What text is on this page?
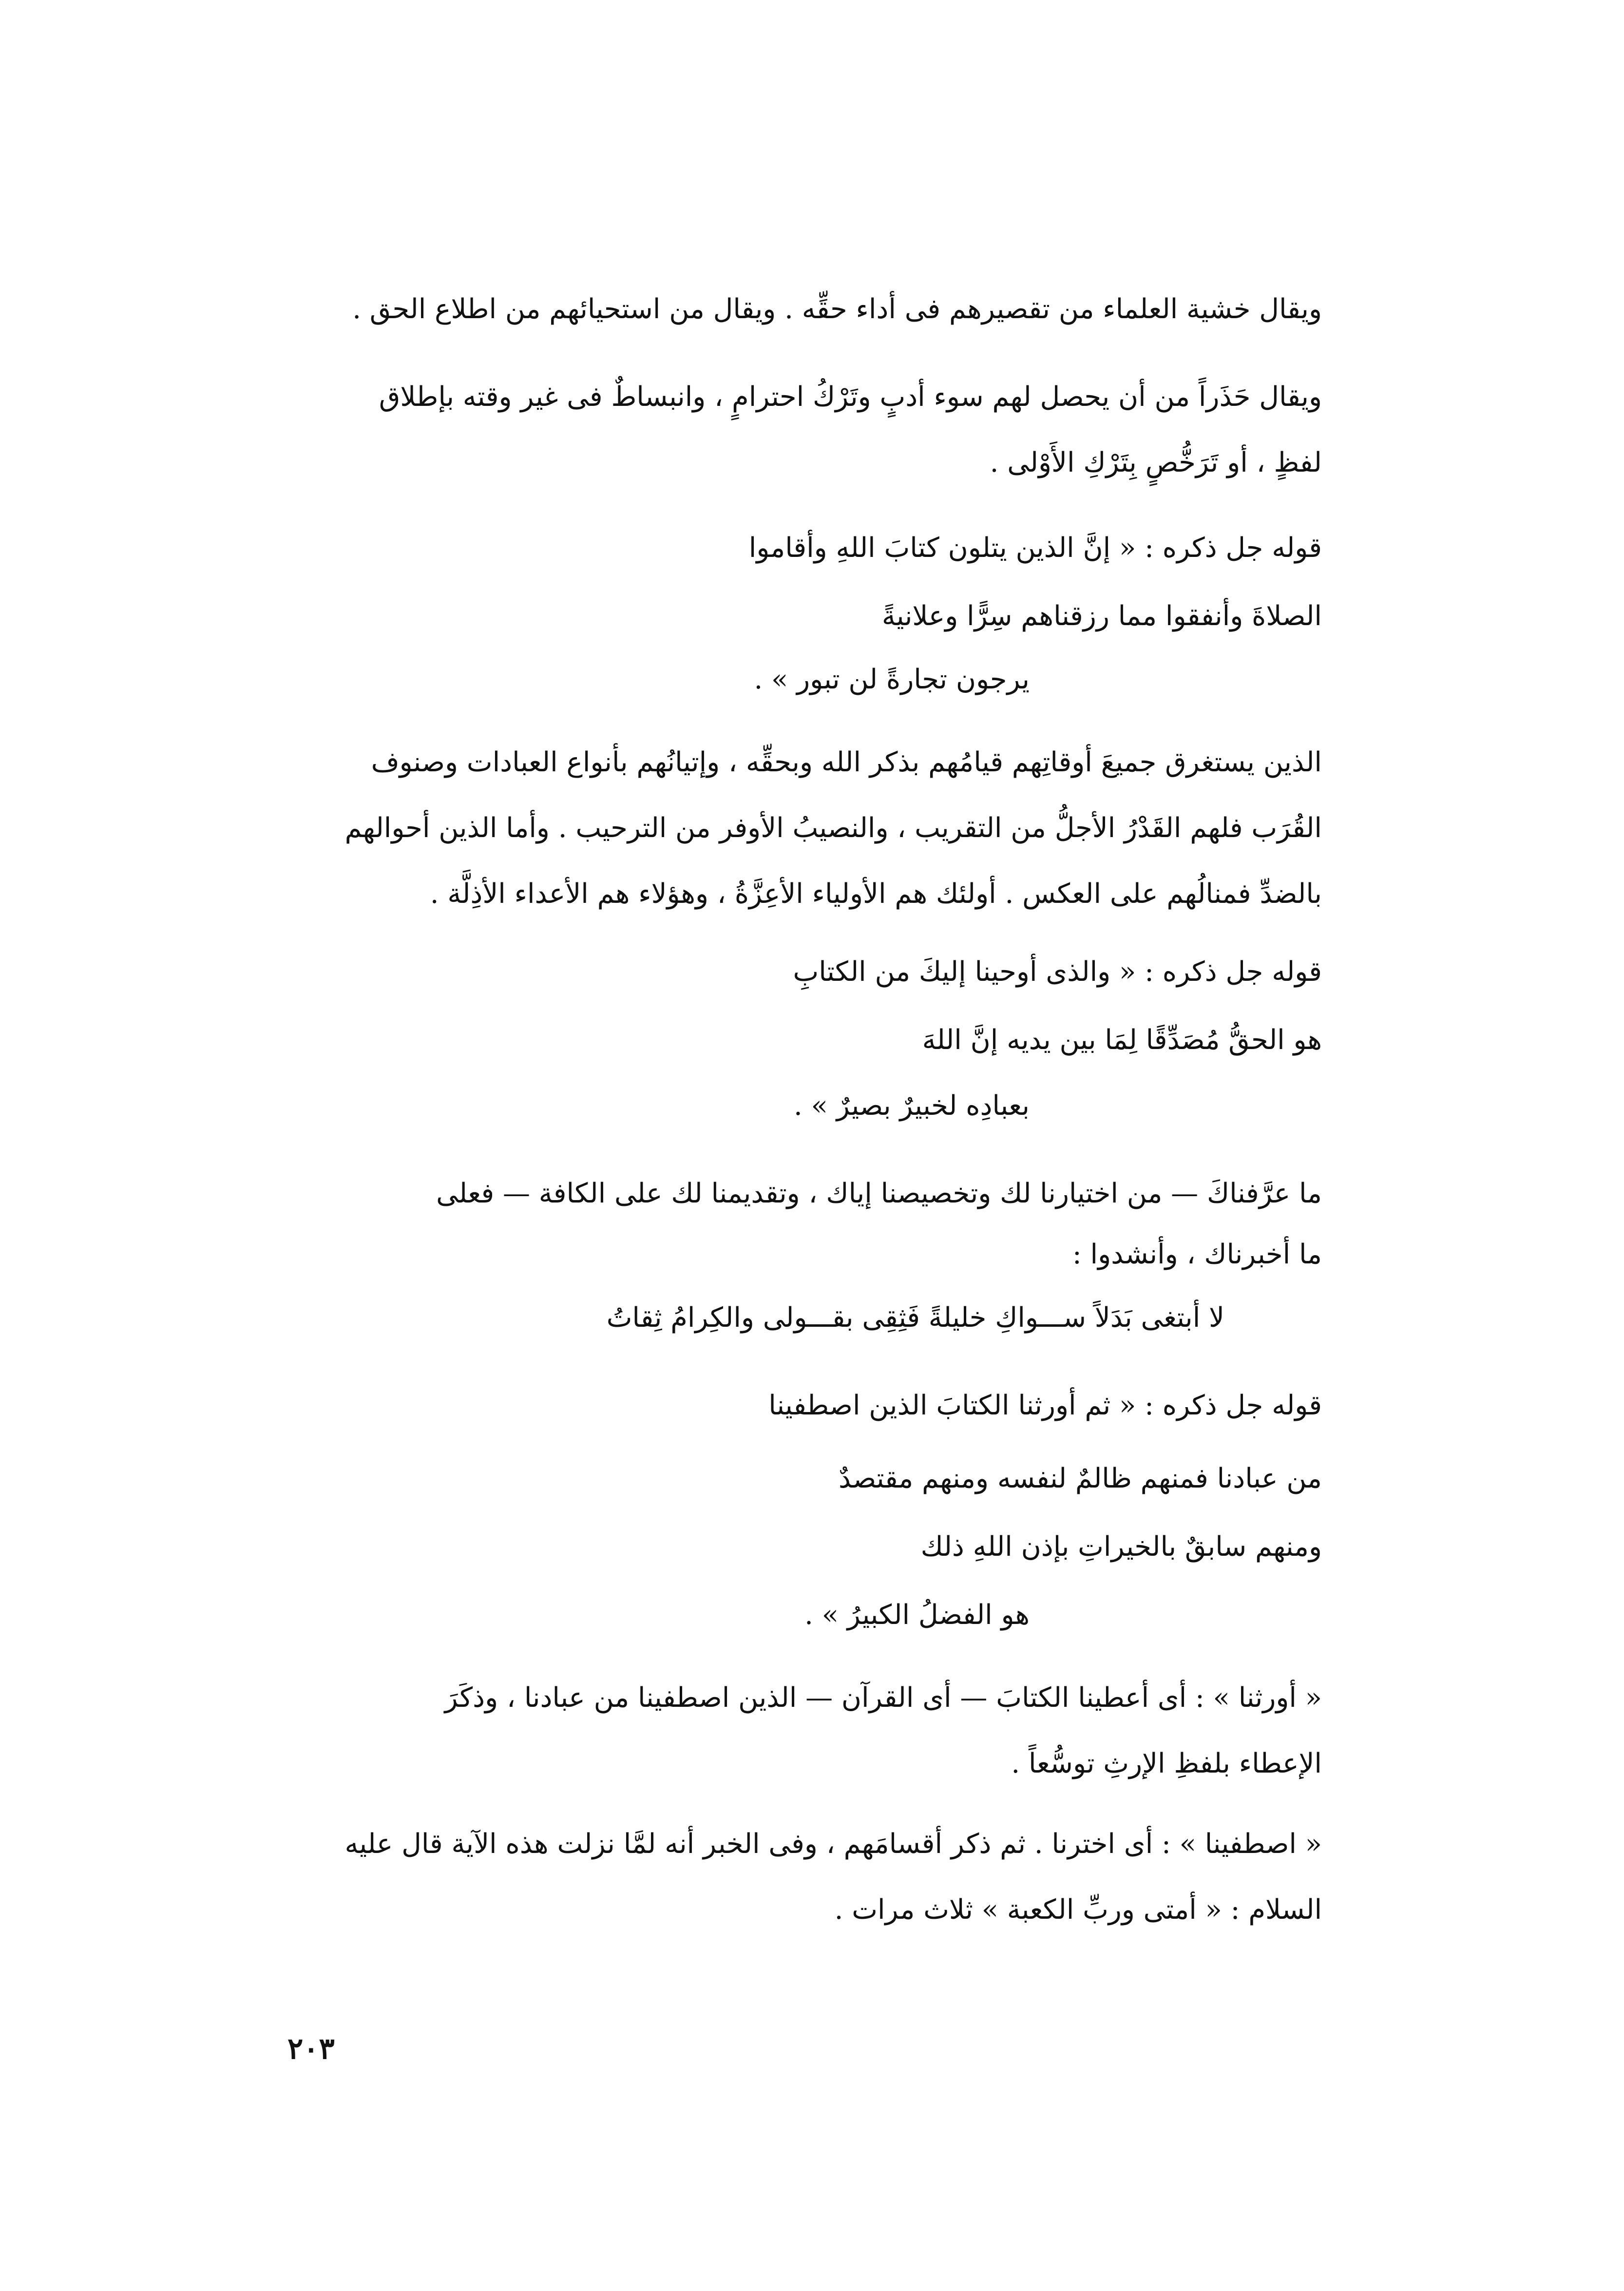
ويقال خشية العلماء من تقصيرهم فى أداء حقِّه . ويقال من استحيائهم من اطلاع الحق .
ويقال حَذَراً من أن يحصل لهم سوء أدبٍ وتَرْكُ احترامٍ ، وانبساطٌ فى غير وقته بإطلاق
لفظٍ ، أو تَرَخُّصٍ بِتَرْكِ الأَوْلى .
قوله جل ذكره : « إنَّ الذين يتلون كتابَ اللهِ وأقاموا
الصلاةَ وأنفقوا مما رزقناهم سِرًّا وعلانيةً
يرجون تجارةً لن تبور » .
الذين يستغرق جميعَ أوقاتِهم قيامُهم بذكر الله وبحقِّه ، وإتيانُهم بأنواع العبادات وصنوف
القُرَب فلهم القَدْرُ الأجلُّ من التقريب ، والنصيبُ الأوفر من الترحيب . وأما الذين أحوالهم
بالضدِّ فمنالُهم على العكس . أولئك هم الأولياء الأعِزَّةُ ، وهؤلاء هم الأعداء الأذِلَّة .
قوله جل ذكره : « والذى أوحينا إليكَ من الكتابِ
هو الحقُّ مُصَدِّقًا لِمَا بين يديه إنَّ اللهَ
بعبادِه لخبيرٌ بصيرٌ » .
ما عرَّفناكَ — من اختيارنا لك وتخصيصنا إياك ، وتقديمنا لك على الكافة — فعلى
ما أخبرناك ، وأنشدوا :
لا أبتغى بَدَلاً ســـواكِ خليلةً فَثِقِى بقـــولى والكِرامُ ثِقاتُ
قوله جل ذكره : « ثم أورثنا الكتابَ الذين اصطفينا
من عبادنا فمنهم ظالمٌ لنفسه ومنهم مقتصدٌ
ومنهم سابقٌ بالخيراتِ بإذن اللهِ ذلك
هو الفضلُ الكبيرُ » .
« أورثنا » : أى أعطينا الكتابَ — أى القرآن — الذين اصطفينا من عبادنا ، وذكَرَ
الإعطاء بلفظِ الإرثِ توسُّعاً .
« اصطفينا » : أى اخترنا . ثم ذكر أقسامَهم ، وفى الخبر أنه لمَّا نزلت هذه الآية قال عليه
السلام : « أمتى وربِّ الكعبة » ثلاث مرات .
٢٠٣
